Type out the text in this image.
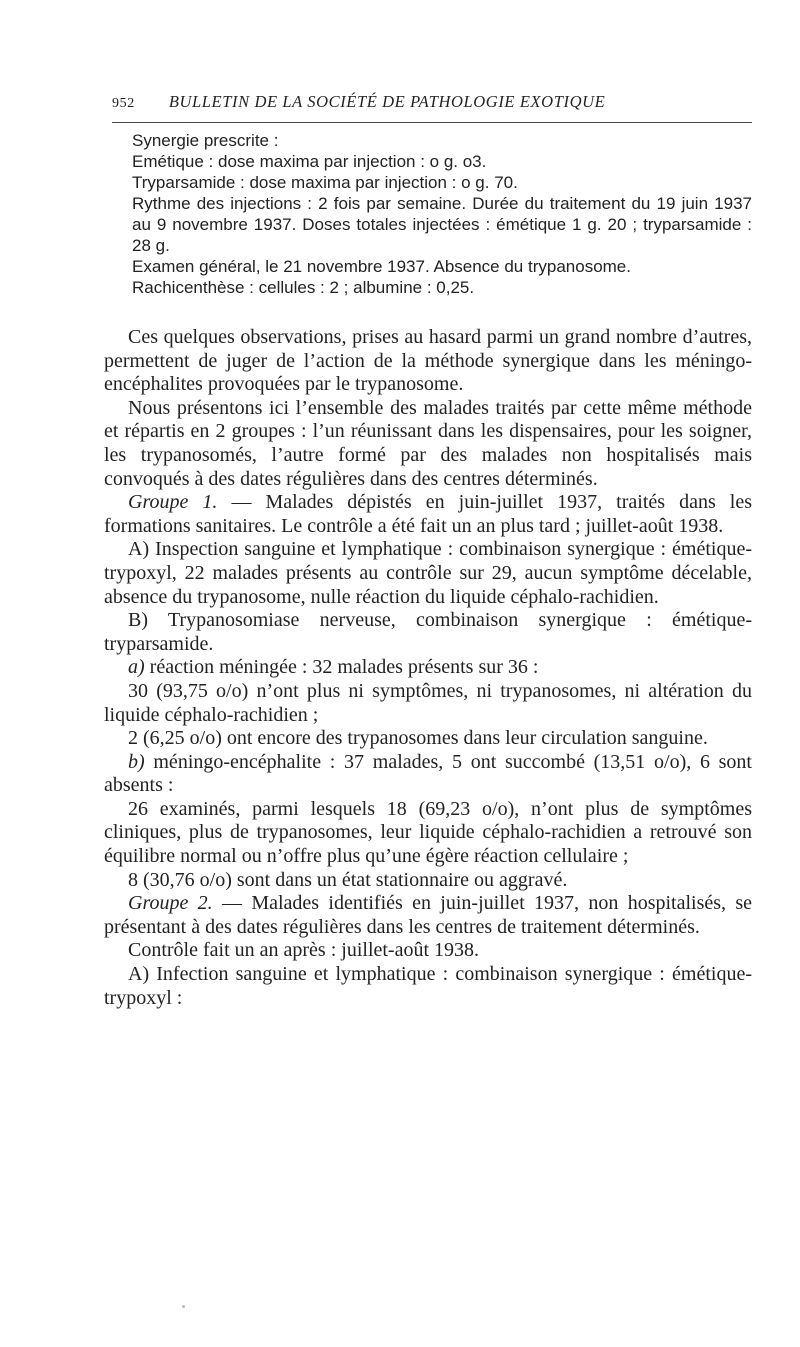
952 BULLETIN DE LA SOCIÉTÉ DE PATHOLOGIE EXOTIQUE
Synergie prescrite :
Emétique : dose maxima par injection : o g. o3.
Tryparsamide : dose maxima par injection : o g. 70.
Rythme des injections : 2 fois par semaine. Durée du traitement du 19 juin 1937 au 9 novembre 1937. Doses totales injectées : émétique 1 g. 20 ; tryparsamide : 28 g.
Examen général, le 21 novembre 1937. Absence du trypanosome.
Rachicenthèse : cellules : 2 ; albumine : 0,25.

Ces quelques observations, prises au hasard parmi un grand nombre d’autres, permettent de juger de l’action de la méthode synergique dans les méningo-encéphalites provoquées par le trypanosome.

Nous présentons ici l’ensemble des malades traités par cette même méthode et répartis en 2 groupes : l’un réunissant dans les dispensaires, pour les soigner, les trypanosomés, l’autre formé par des malades non hospitalisés mais convoqués à des dates régulières dans des centres déterminés.

Groupe 1. — Malades dépistés en juin-juillet 1937, traités dans les formations sanitaires. Le contrôle a été fait un an plus tard ; juillet-août 1938.

A) Inspection sanguine et lymphatique : combinaison synergique : émétique-trypoxyl, 22 malades présents au contrôle sur 29, aucun symptôme décelable, absence du trypanosome, nulle réaction du liquide céphalo-rachidien.

B) Trypanosomiase nerveuse, combinaison synergique : émétique-tryparsamide.

a) réaction méningée : 32 malades présents sur 36 :

30 (93,75 o/o) n’ont plus ni symptômes, ni trypanosomes, ni altération du liquide céphalo-rachidien ;

2 (6,25 o/o) ont encore des trypanosomes dans leur circulation sanguine.

b) méningo-encéphalite : 37 malades, 5 ont succombé (13,51 o/o), 6 sont absents :

26 examinés, parmi lesquels 18 (69,23 o/o), n’ont plus de symptômes cliniques, plus de trypanosomes, leur liquide céphalo-rachidien a retrouvé son équilibre normal ou n’offre plus qu’une égère réaction cellulaire ;

8 (30,76 o/o) sont dans un état stationnaire ou aggravé.

Groupe 2. — Malades identifiés en juin-juillet 1937, non hospitalisés, se présentant à des dates régulières dans les centres de traitement déterminés.

Contrôle fait un an après : juillet-août 1938.

A) Infection sanguine et lymphatique : combinaison synergique : émétique-trypoxyl :
